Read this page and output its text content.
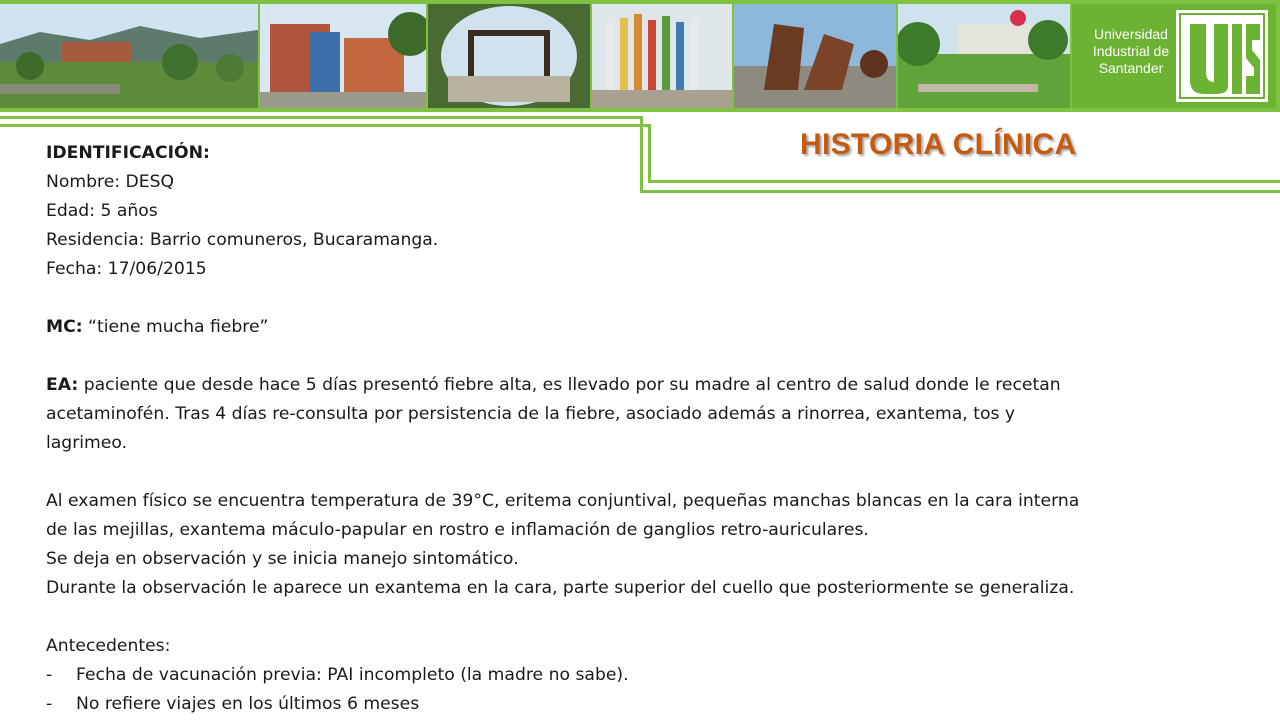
Universidad
Industrial de
Santander
HISTORIA CLÍNICA
IDENTIFICACIÓN:
Nombre: DESQ
Edad: 5 años
Residencia: Barrio comuneros, Bucaramanga.
Fecha: 17/06/2015
MC: “tiene mucha fiebre”
EA: paciente que desde hace 5 días presentó fiebre alta, es llevado por su madre al centro de salud donde le recetan
acetaminofén. Tras 4 días re-consulta por persistencia de la fiebre, asociado además a rinorrea, exantema, tos y
lagrimeo.
Al examen físico se encuentra temperatura de 39°C, eritema conjuntival, pequeñas manchas blancas en la cara interna
de las mejillas, exantema máculo-papular en rostro e inflamación de ganglios retro-auriculares.
Se deja en observación y se inicia manejo sintomático.
Durante la observación le aparece un exantema en la cara, parte superior del cuello que posteriormente se generaliza.
Antecedentes:
-	Fecha de vacunación previa: PAI incompleto (la madre no sabe).
-	No refiere viajes en los últimos 6 meses
